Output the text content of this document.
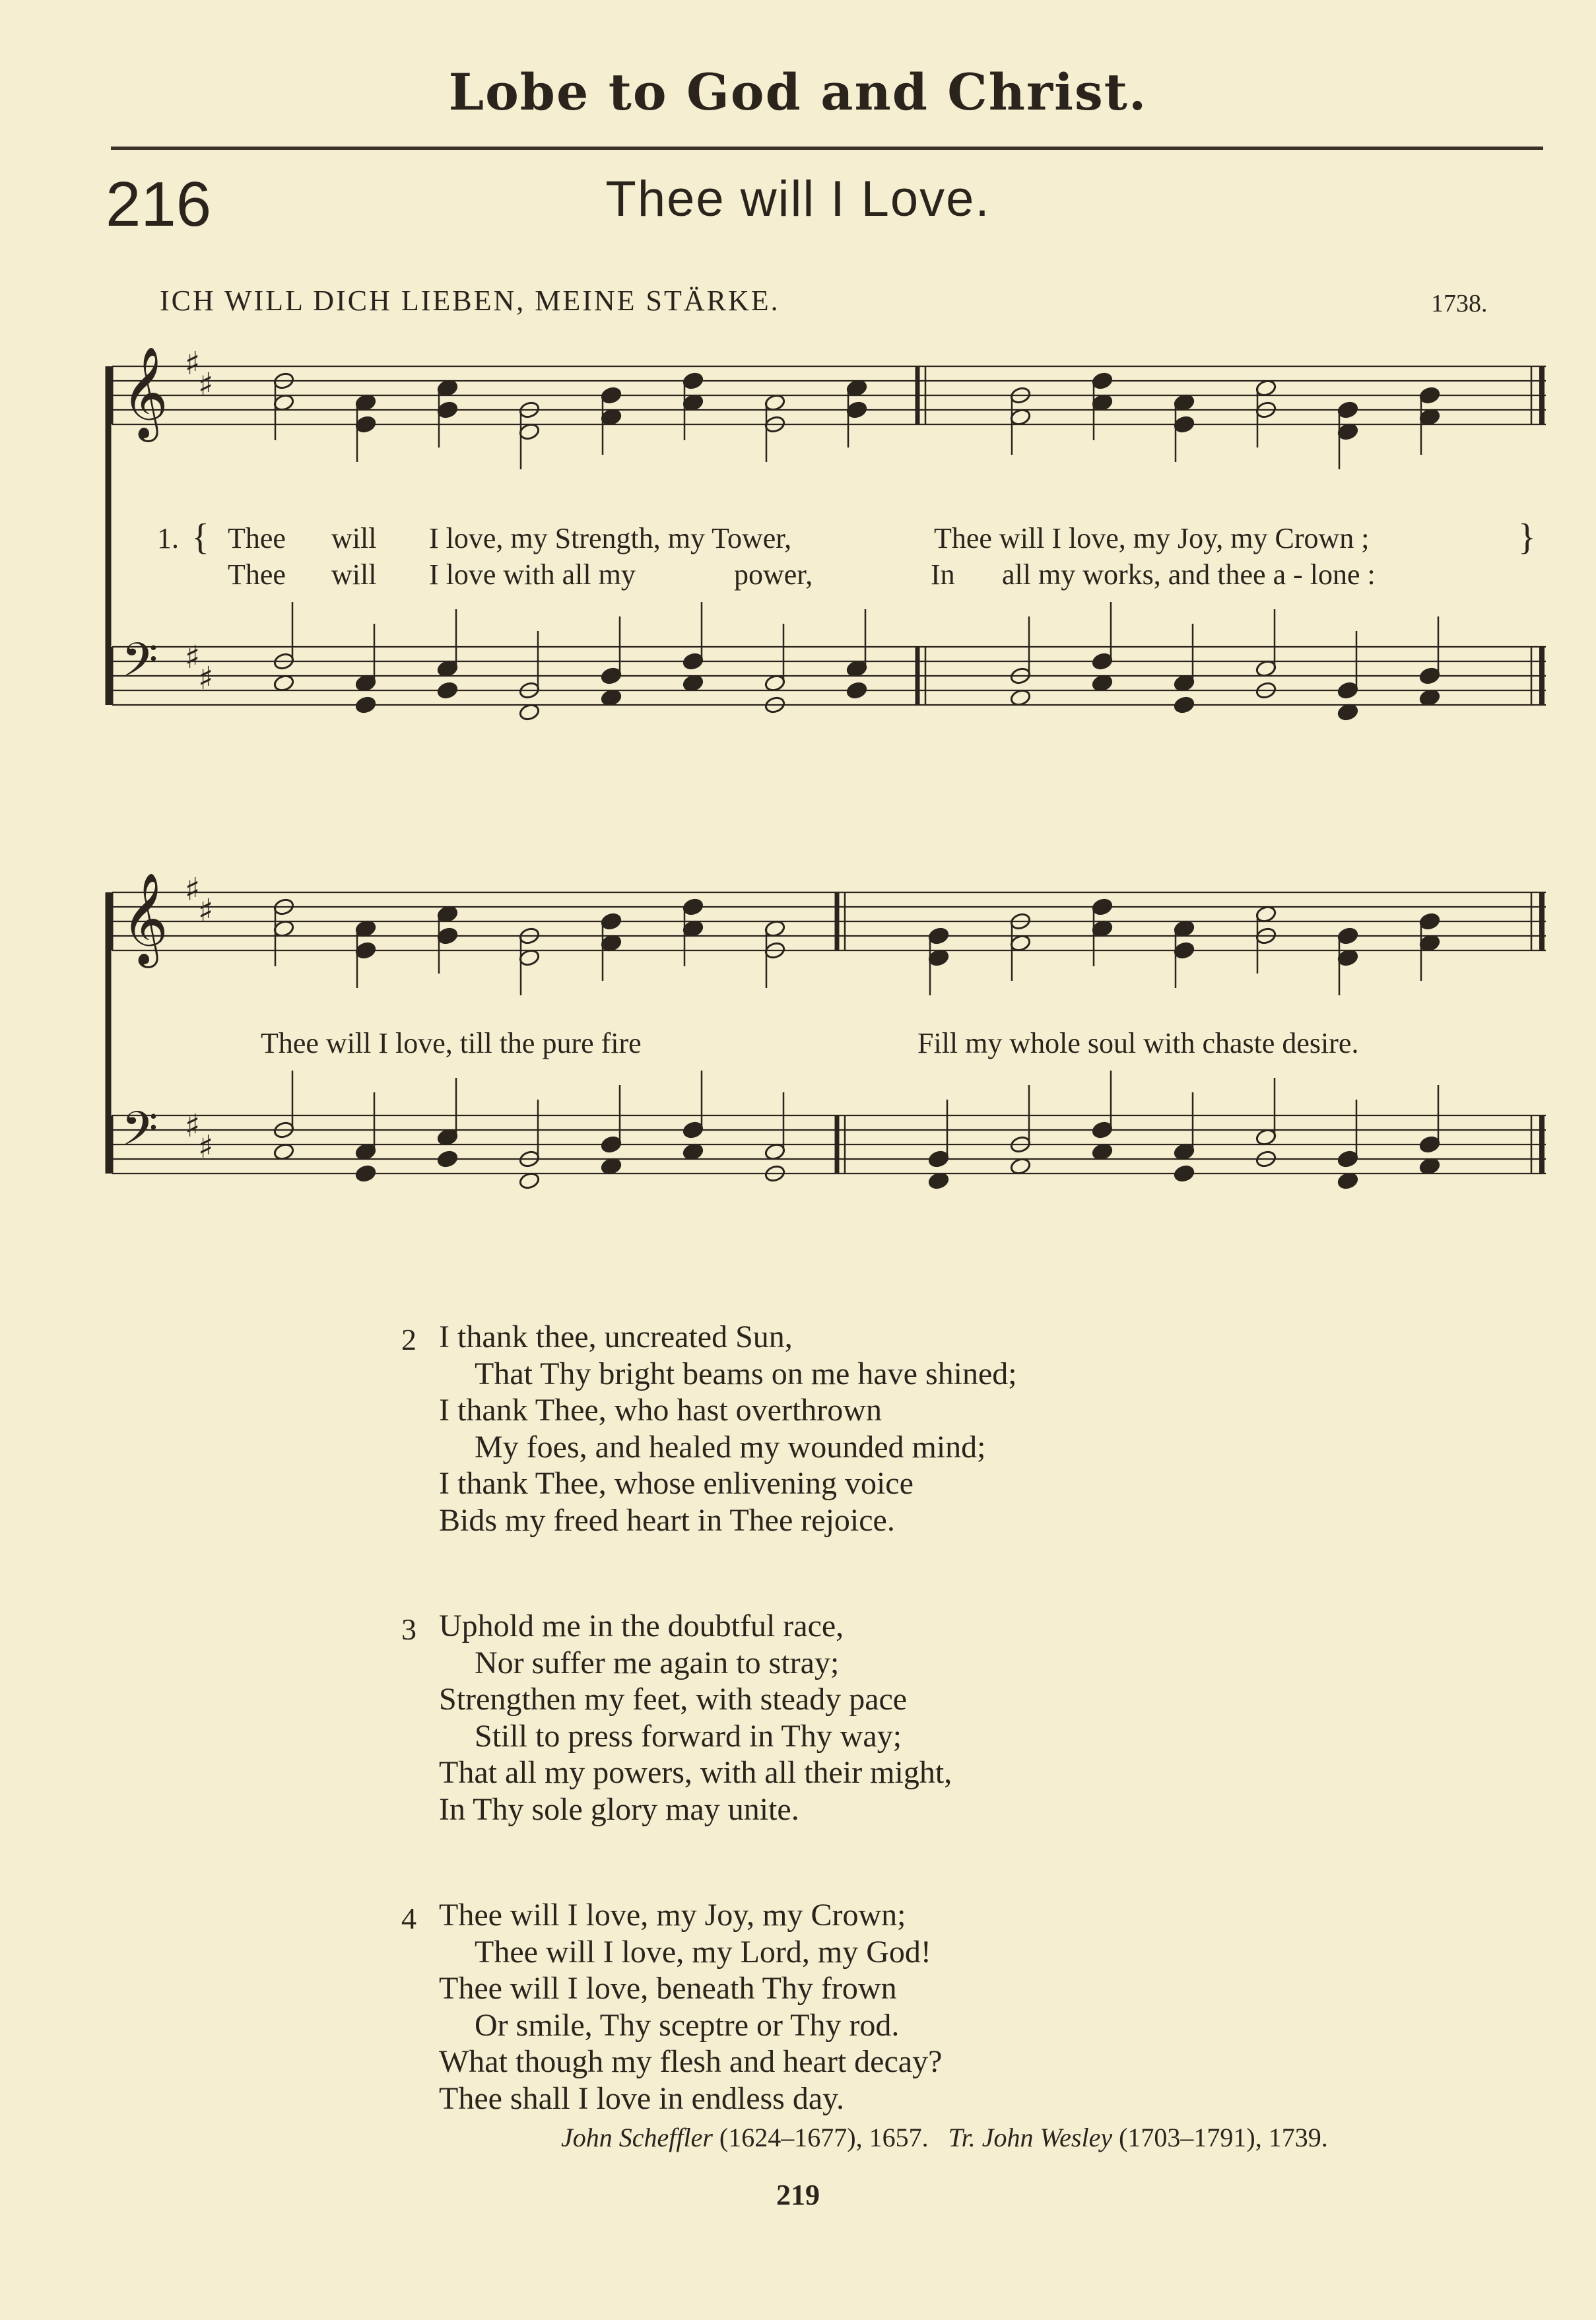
Lobe to God and Christ.
216	Thee will I Love.
ICH WILL DICH LIEBEN, MEINE STÄRKE.	1738.
𝄞 ♯
♯
𝄢 ♯
♯
𝄞 ♯
♯
𝄢 ♯
♯
1. {	}
Thee will I love, my Strength, my Tower,	Thee will I love, my Joy, my Crown ;
Thee will I love with all my	power,	In all my works, and thee a - lone :
Thee will I love, till the pure fire	Fill my whole soul with chaste desire.
2 I thank thee, uncreated Sun,
That Thy bright beams on me have shined;
I thank Thee, who hast overthrown
My foes, and healed my wounded mind;
I thank Thee, whose enlivening voice
Bids my freed heart in Thee rejoice.
3 Uphold me in the doubtful race,
Nor suffer me again to stray;
Strengthen my feet, with steady pace
Still to press forward in Thy way;
That all my powers, with all their might,
In Thy sole glory may unite.
4 Thee will I love, my Joy, my Crown;
Thee will I love, my Lord, my God!
Thee will I love, beneath Thy frown
Or smile, Thy sceptre or Thy rod.
What though my flesh and heart decay?
Thee shall I love in endless day.
John Scheffler (1624–1677), 1657. Tr. John Wesley (1703–1791), 1739.
219
